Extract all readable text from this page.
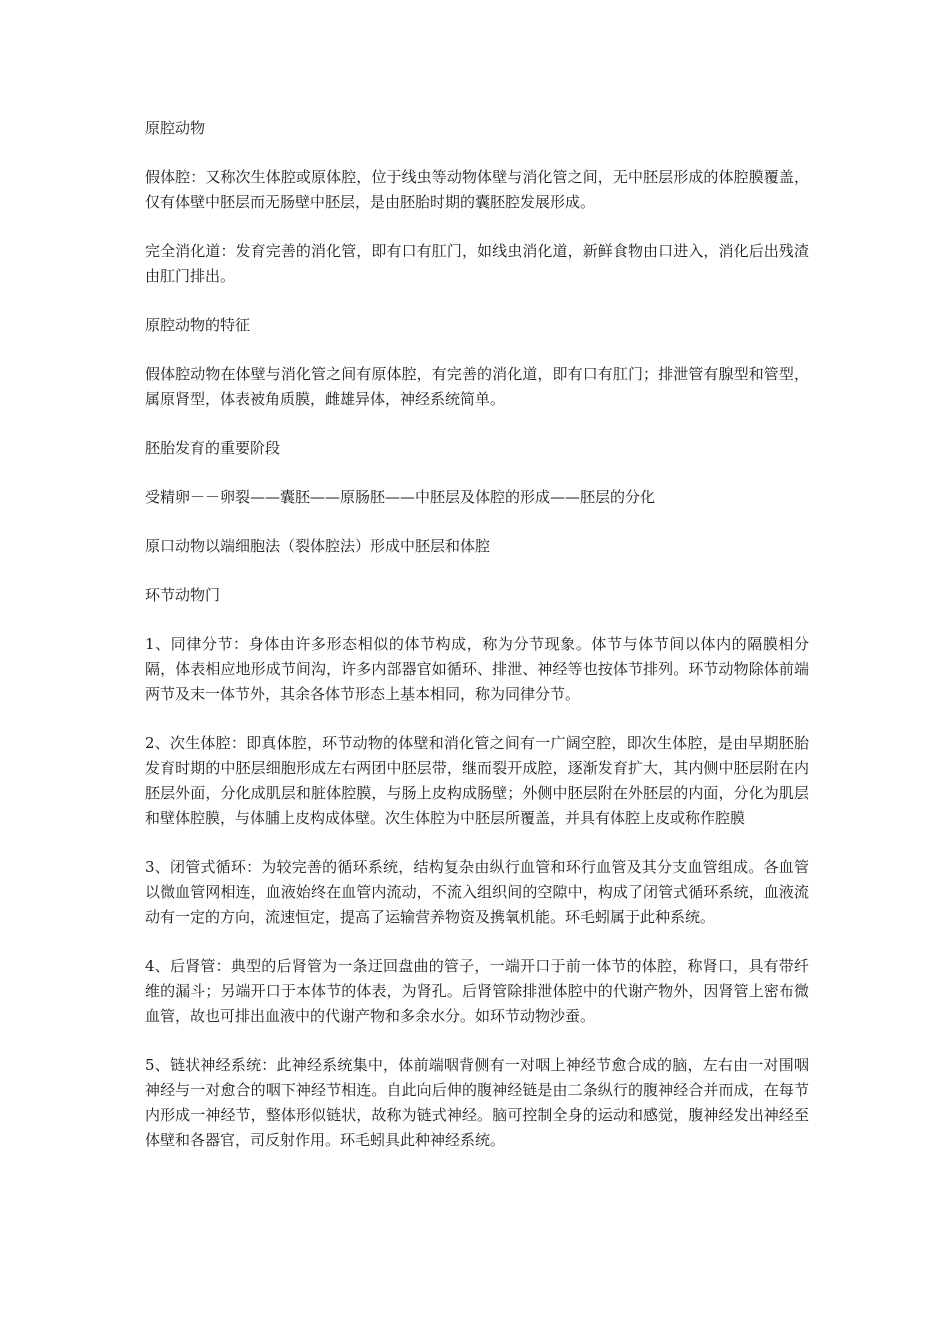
原腔动物

假体腔：又称次生体腔或原体腔，位于线虫等动物体壁与消化管之间，无中胚层形成的体腔膜覆盖，仅有体壁中胚层而无肠壁中胚层，是由胚胎时期的囊胚腔发展形成。

完全消化道：发育完善的消化管，即有口有肛门，如线虫消化道，新鲜食物由口进入，消化后出残渣由肛门排出。

原腔动物的特征

假体腔动物在体壁与消化管之间有原体腔，有完善的消化道，即有口有肛门；排泄管有腺型和管型，属原肾型，体表被角质膜，雌雄异体，神经系统简单。

胚胎发育的重要阶段

受精卵－－卵裂——囊胚——原肠胚——中胚层及体腔的形成——胚层的分化

原口动物以端细胞法（裂体腔法）形成中胚层和体腔

环节动物门

1、同律分节：身体由许多形态相似的体节构成，称为分节现象。体节与体节间以体内的隔膜相分隔，体表相应地形成节间沟，许多内部器官如循环、排泄、神经等也按体节排列。环节动物除体前端两节及末一体节外，其余各体节形态上基本相同，称为同律分节。

2、次生体腔：即真体腔，环节动物的体壁和消化管之间有一广阔空腔，即次生体腔，是由早期胚胎发育时期的中胚层细胞形成左右两团中胚层带，继而裂开成腔，逐渐发育扩大，其内侧中胚层附在内胚层外面，分化成肌层和脏体腔膜，与肠上皮构成肠壁；外侧中胚层附在外胚层的内面，分化为肌层和壁体腔膜，与体脯上皮构成体壁。次生体腔为中胚层所覆盖，并具有体腔上皮或称作腔膜

3、闭管式循环：为较完善的循环系统，结构复杂由纵行血管和环行血管及其分支血管组成。各血管以微血管网相连，血液始终在血管内流动，不流入组织间的空隙中，构成了闭管式循环系统，血液流动有一定的方向，流速恒定，提高了运输营养物资及携氧机能。环毛蚓属于此种系统。

4、后肾管：典型的后肾管为一条迂回盘曲的管子，一端开口于前一体节的体腔，称肾口，具有带纤维的漏斗；另端开口于本体节的体表，为肾孔。后肾管除排泄体腔中的代谢产物外，因肾管上密布微血管，故也可排出血液中的代谢产物和多余水分。如环节动物沙蚕。

5、链状神经系统：此神经系统集中，体前端咽背侧有一对咽上神经节愈合成的脑，左右由一对围咽神经与一对愈合的咽下神经节相连。自此向后伸的腹神经链是由二条纵行的腹神经合并而成，在每节内形成一神经节，整体形似链状，故称为链式神经。脑可控制全身的运动和感觉，腹神经发出神经至体壁和各器官，司反射作用。环毛蚓具此种神经系统。
